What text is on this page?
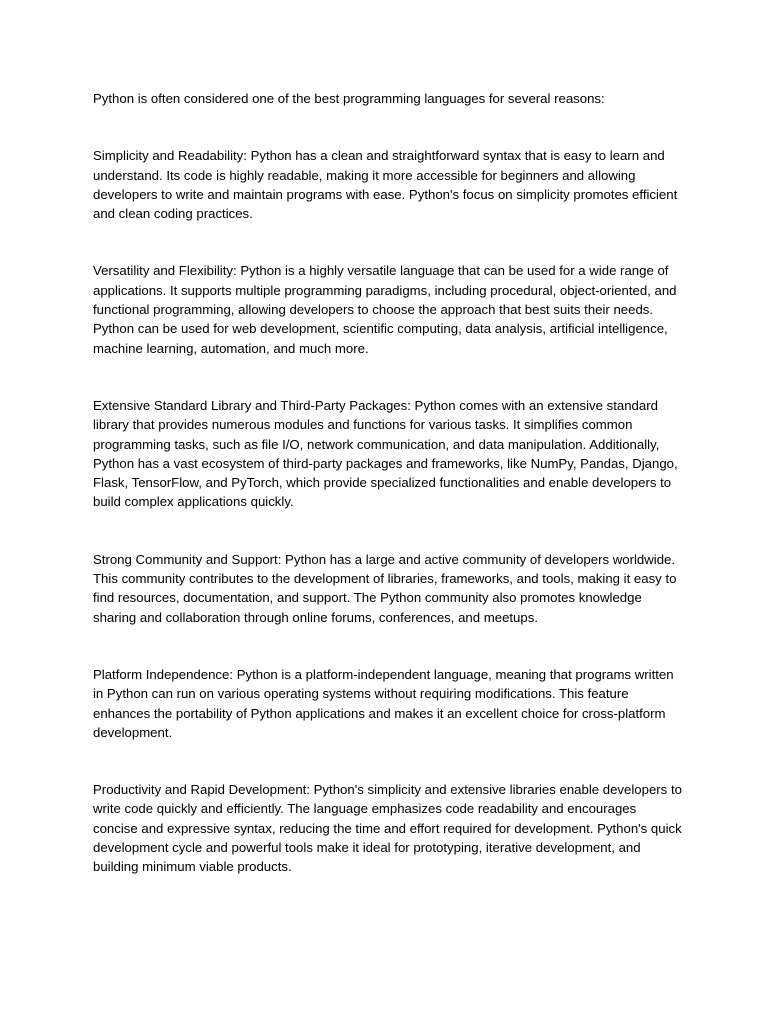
Python is often considered one of the best programming languages for several reasons:

Simplicity and Readability: Python has a clean and straightforward syntax that is easy to learn and understand. Its code is highly readable, making it more accessible for beginners and allowing developers to write and maintain programs with ease. Python's focus on simplicity promotes efficient and clean coding practices.

Versatility and Flexibility: Python is a highly versatile language that can be used for a wide range of applications. It supports multiple programming paradigms, including procedural, object-oriented, and functional programming, allowing developers to choose the approach that best suits their needs. Python can be used for web development, scientific computing, data analysis, artificial intelligence, machine learning, automation, and much more.

Extensive Standard Library and Third-Party Packages: Python comes with an extensive standard library that provides numerous modules and functions for various tasks. It simplifies common programming tasks, such as file I/O, network communication, and data manipulation. Additionally, Python has a vast ecosystem of third-party packages and frameworks, like NumPy, Pandas, Django, Flask, TensorFlow, and PyTorch, which provide specialized functionalities and enable developers to build complex applications quickly.

Strong Community and Support: Python has a large and active community of developers worldwide. This community contributes to the development of libraries, frameworks, and tools, making it easy to find resources, documentation, and support. The Python community also promotes knowledge sharing and collaboration through online forums, conferences, and meetups.

Platform Independence: Python is a platform-independent language, meaning that programs written in Python can run on various operating systems without requiring modifications. This feature enhances the portability of Python applications and makes it an excellent choice for cross-platform development.

Productivity and Rapid Development: Python's simplicity and extensive libraries enable developers to write code quickly and efficiently. The language emphasizes code readability and encourages concise and expressive syntax, reducing the time and effort required for development. Python's quick development cycle and powerful tools make it ideal for prototyping, iterative development, and building minimum viable products.
